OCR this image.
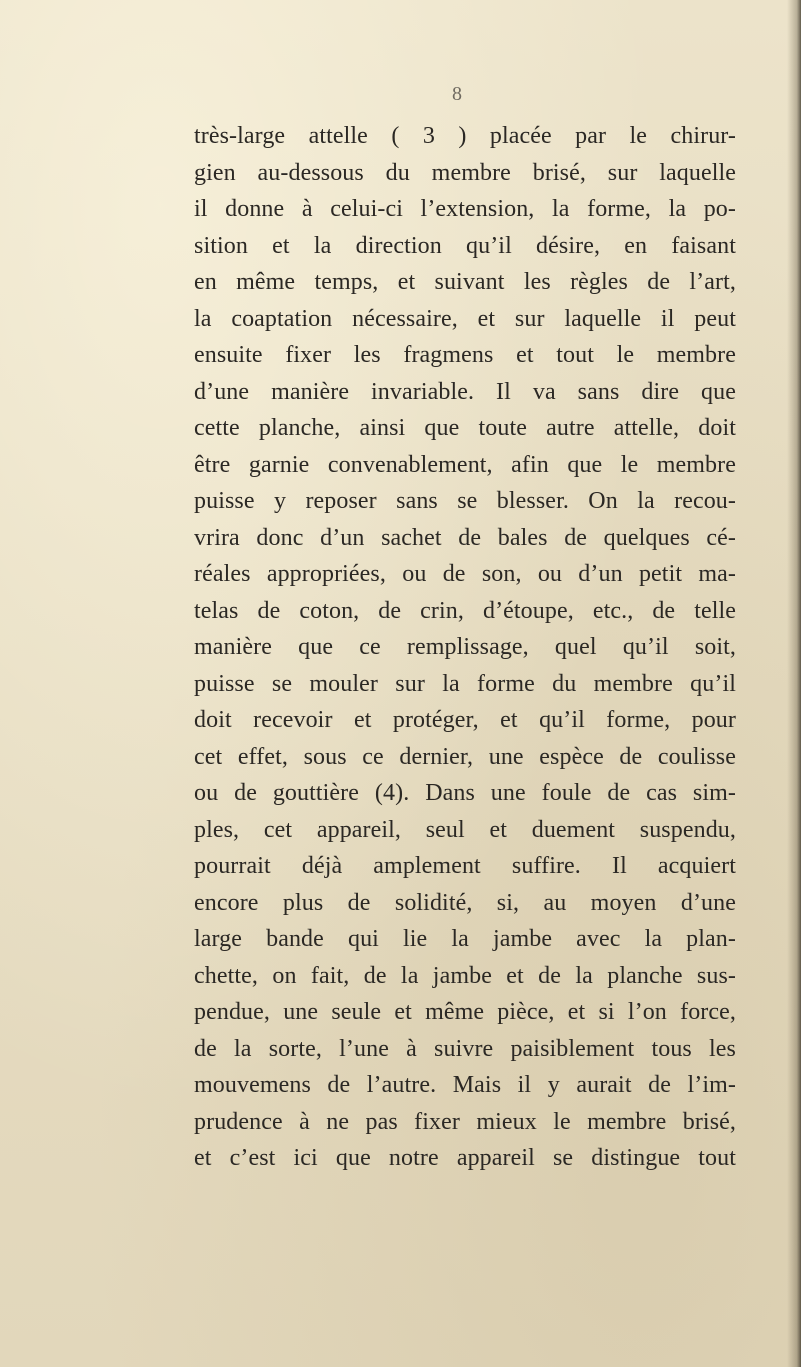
8
très-large attelle ( 3 ) placée par le chirur-
gien au-dessous du membre brisé, sur laquelle
il donne à celui-ci l’extension, la forme, la po-
sition et la direction qu’il désire, en faisant
en même temps, et suivant les règles de l’art,
la coaptation nécessaire, et sur laquelle il peut
ensuite fixer les fragmens et tout le membre
d’une manière invariable. Il va sans dire que
cette planche, ainsi que toute autre attelle, doit
être garnie convenablement, afin que le membre
puisse y reposer sans se blesser. On la recou-
vrira donc d’un sachet de bales de quelques cé-
réales appropriées, ou de son, ou d’un petit ma-
telas de coton, de crin, d’étoupe, etc., de telle
manière que ce remplissage, quel qu’il soit,
puisse se mouler sur la forme du membre qu’il
doit recevoir et protéger, et qu’il forme, pour
cet effet, sous ce dernier, une espèce de coulisse
ou de gouttière (4). Dans une foule de cas sim-
ples, cet appareil, seul et duement suspendu,
pourrait déjà amplement suffire. Il acquiert
encore plus de solidité, si, au moyen d’une
large bande qui lie la jambe avec la plan-
chette, on fait, de la jambe et de la planche sus-
pendue, une seule et même pièce, et si l’on force,
de la sorte, l’une à suivre paisiblement tous les
mouvemens de l’autre. Mais il y aurait de l’im-
prudence à ne pas fixer mieux le membre brisé,
et c’est ici que notre appareil se distingue tout
